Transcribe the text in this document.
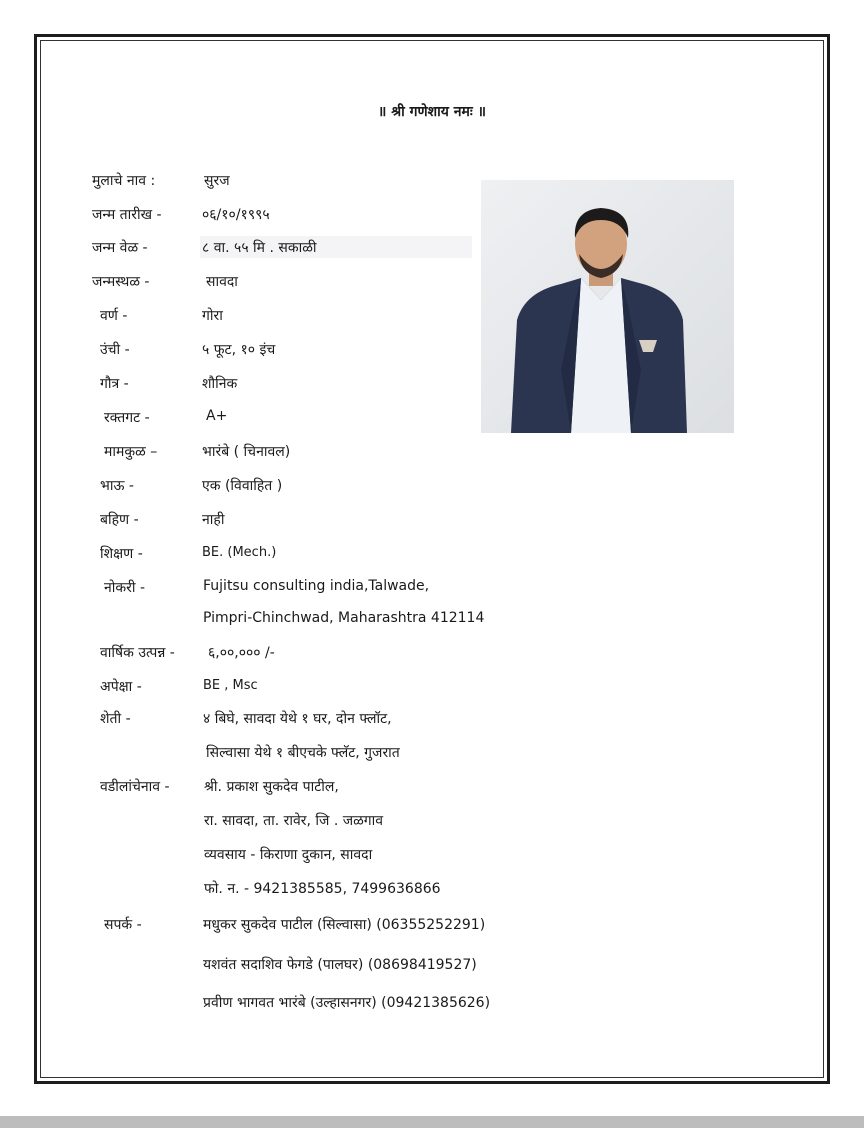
॥ श्री गणेशाय नमः ॥
मुलाचे नाव :	सुरज
जन्म तारीख -	०६/१०/१९९५
जन्म वेळ -	८ वा. ५५ मि . सकाळी
जन्मस्थळ -	सावदा
वर्ण -	गोरा
उंची -	५ फूट, १० इंच
गौत्र -	शौनिक
रक्तगट -	A+
मामकुळ –	भारंबे ( चिनावल)
भाऊ -	एक (विवाहित )
बहिण -	नाही
शिक्षण -	BE. (Mech.)
नोकरी -	Fujitsu consulting india,Talwade,
Pimpri-Chinchwad, Maharashtra 412114
वार्षिक उत्पन्न - ६,००,००० /-
अपेक्षा -	BE , Msc
शेती -	४ बिघे, सावदा येथे १ घर, दोन फ्लॉट,
सिल्वासा येथे १ बीएचके फ्लॅट, गुजरात
वडीलांचेनाव - श्री. प्रकाश सुकदेव पाटील,
रा. सावदा, ता. रावेर, जि . जळगाव
व्यवसाय - किराणा दुकान, सावदा
फो. न. - 9421385585, 7499636866
सपर्क -	मधुकर सुकदेव पाटील (सिल्वासा) (06355252291)
यशवंत सदाशिव फेगडे (पालघर) (08698419527)
प्रवीण भागवत भारंबे (उल्हासनगर) (09421385626)
